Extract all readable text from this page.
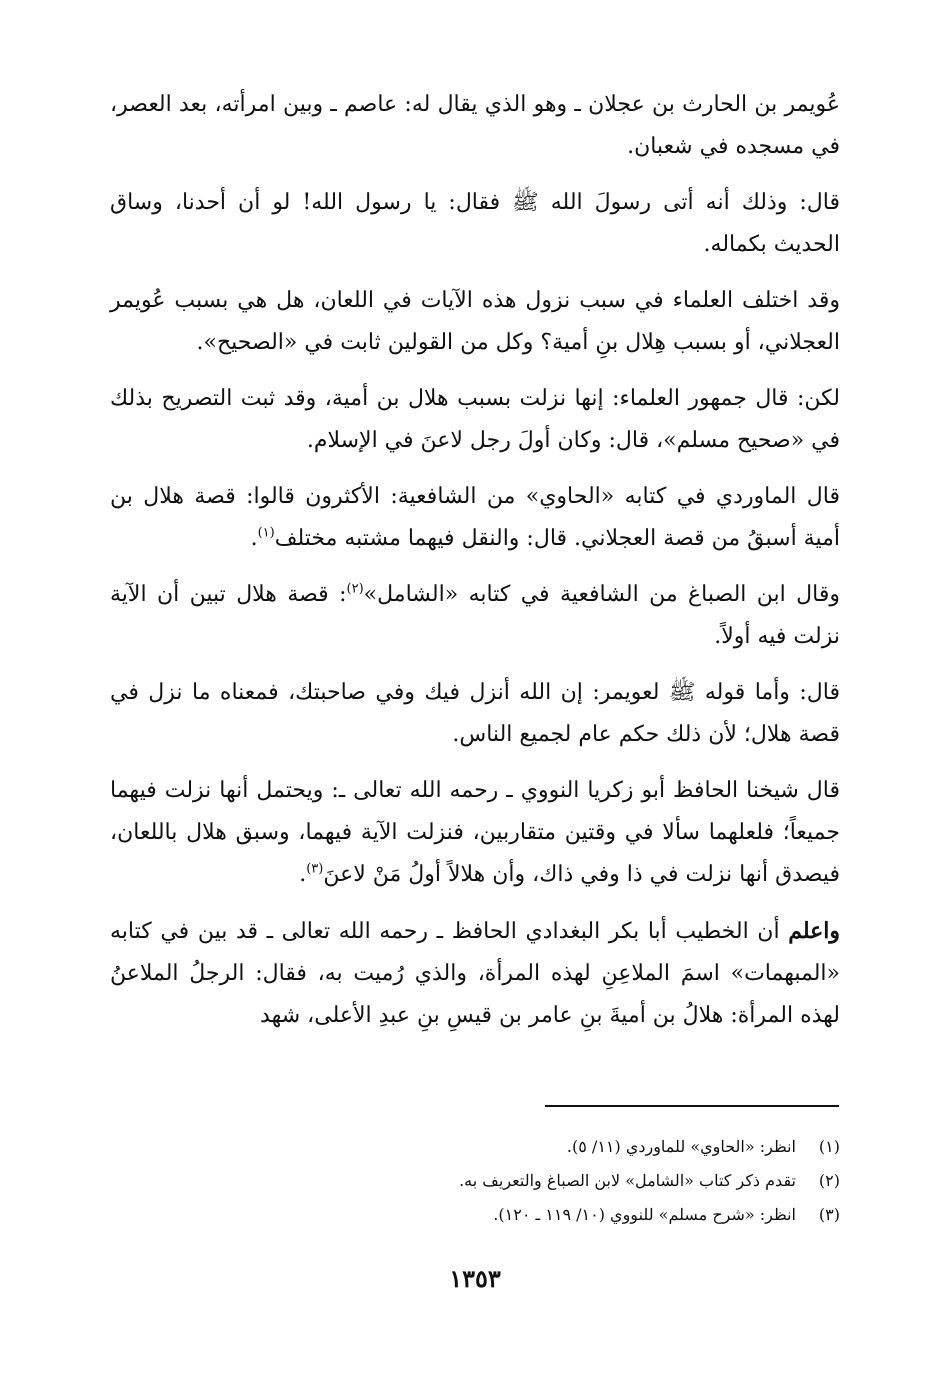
عُويمر بن الحارث بن عجلان ـ وهو الذي يقال له: عاصم ـ وبين امرأته، بعد العصر، في مسجده في شعبان.

قال: وذلك أنه أتى رسولَ الله ﷺ فقال: يا رسول الله! لو أن أحدنا، وساق الحديث بكماله.

وقد اختلف العلماء في سبب نزول هذه الآيات في اللعان، هل هي بسبب عُويمر العجلاني، أو بسبب هِلال بنِ أمية؟ وكل من القولين ثابت في «الصحيح».

لكن: قال جمهور العلماء: إنها نزلت بسبب هلال بن أمية، وقد ثبت التصريح بذلك في «صحيح مسلم»، قال: وكان أولَ رجل لاعنَ في الإسلام.

قال الماوردي في كتابه «الحاوي» من الشافعية: الأكثرون قالوا: قصة هلال بن أمية أسبقُ من قصة العجلاني. قال: والنقل فيهما مشتبه مختلف$^{(١)}$.

وقال ابن الصباغ من الشافعية في كتابه «الشامل»$^{(٢)}$: قصة هلال تبين أن الآية نزلت فيه أولاً.

قال: وأما قوله ﷺ لعويمر: إن الله أنزل فيك وفي صاحبتك، فمعناه ما نزل في قصة هلال؛ لأن ذلك حكم عام لجميع الناس.

قال شيخنا الحافظ أبو زكريا النووي ـ رحمه الله تعالى ـ: ويحتمل أنها نزلت فيهما جميعاً؛ فلعلهما سألا في وقتين متقاربين، فنزلت الآية فيهما، وسبق هلال باللعان، فيصدق أنها نزلت في ذا وفي ذاك، وأن هلالاً أولُ مَنْ لاعنَ$^{(٣)}$.

واعلم أن الخطيب أبا بكر البغدادي الحافظ ـ رحمه الله تعالى ـ قد بين في كتابه «المبهمات» اسمَ الملاعِنِ لهذه المرأة، والذي رُميت به، فقال: الرجلُ الملاعنُ لهذه المرأة: هلالُ بن أميةَ بنِ عامر بن قيسِ بنِ عبدِ الأعلى، شهد

(١)انظر: «الحاوي» للماوردي (١١/ ٥).
(٢)تقدم ذكر كتاب «الشامل» لابن الصباغ والتعريف به.
(٣)انظر: «شرح مسلم» للنووي (١٠/ ١١٩ ـ ١٢٠).
١٣٥٣
